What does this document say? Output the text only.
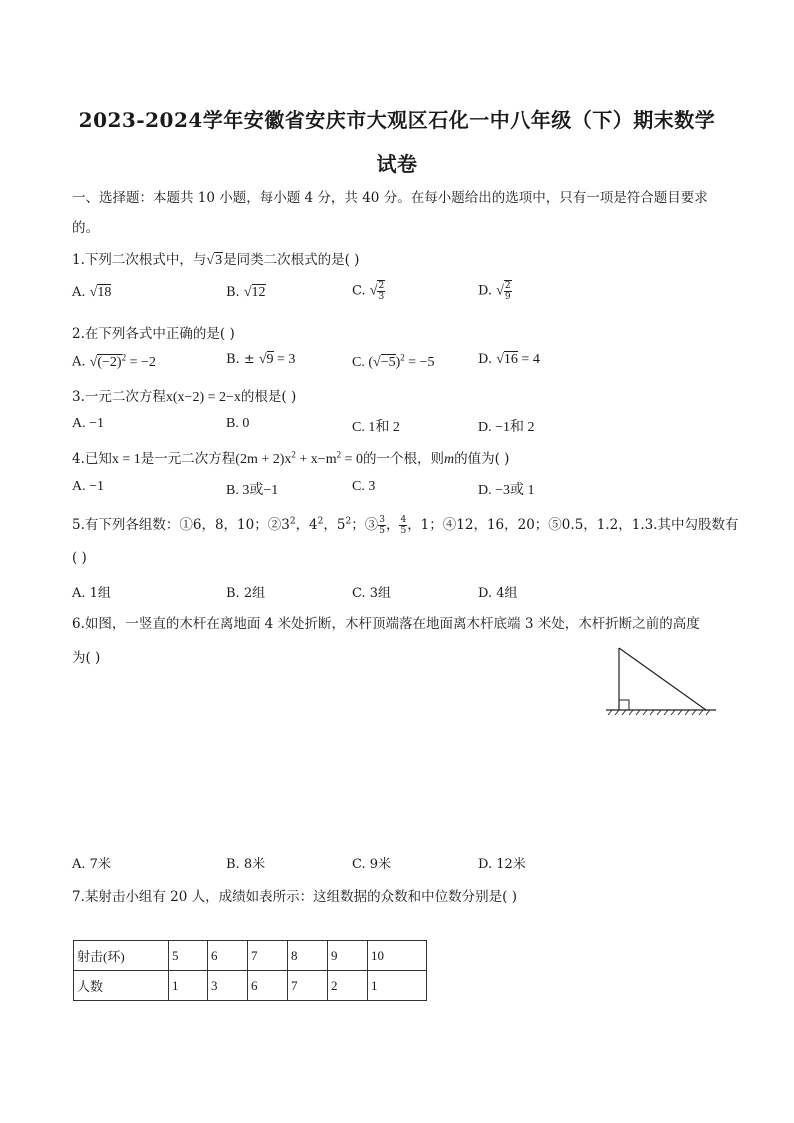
2023-2024学年安徽省安庆市大观区石化一中八年级（下）期末数学
试卷
一、选择题：本题共 10 小题，每小题 4 分，共 40 分。在每小题给出的选项中，只有一项是符合题目要求
的。
1.下列二次根式中，与√3是同类二次根式的是( )
A. √18	B. √12	C. √ $\frac{2}{3}$	D. √ $\frac{2}{9}$
2.在下列各式中正确的是( )
A. $√(-2)^2 = -2$	B. ± √9 = 3	C. $(√-5)^2 = -5$	D. √16 = 4
3.一元二次方程x(x−2) = 2−x的根是( )
A. −1	B. 0	C. 1和 2	D. −1和 2
4.已知x = 1是一元二次方程$(2m + 2)x^2 + x-m^2 = 0$的一个根，则m的值为( )
A. −1	B. 3或−1	C. 3	D. −3或 1
5.有下列各组数：①6，8，10；$②3^2$，$4^2$，$5^2$；③ $\frac{3}{5}$ ， $\frac{4}{5}$ ，1；④12，16，20；⑤0.5，1.2，1.3.其中勾股数有
( )
A. 1组	B. 2组	C. 3组	D. 4组
6.如图，一竖直的木杆在离地面 4 米处折断，木杆顶端落在地面离木杆底端 3 米处，木杆折断之前的高度
为( )
A. 7米	B. 8米	C. 9米	D. 12米
7.某射击小组有 20 人，成绩如表所示：这组数据的众数和中位数分别是( )
射击(环)	5	6	7	8	9	10
人数	1	3	6	7	2	1
